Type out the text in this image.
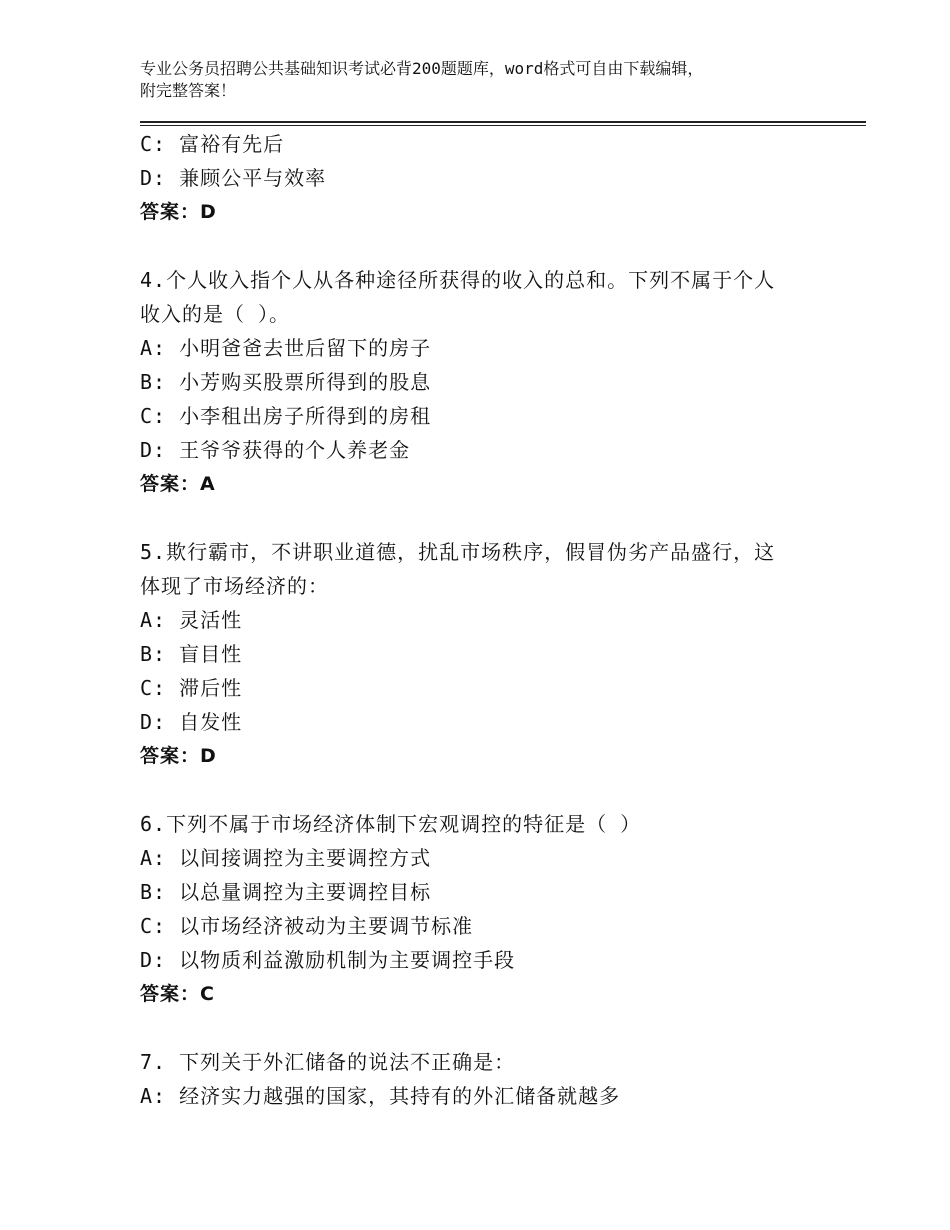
专业公务员招聘公共基础知识考试必背200题题库，word格式可自由下载编辑，
附完整答案！
C: 富裕有先后
D: 兼顾公平与效率
答案：D
4.个人收入指个人从各种途径所获得的收入的总和。下列不属于个人
收入的是（ ）。
A: 小明爸爸去世后留下的房子
B: 小芳购买股票所得到的股息
C: 小李租出房子所得到的房租
D: 王爷爷获得的个人养老金
答案：A
5.欺行霸市，不讲职业道德，扰乱市场秩序，假冒伪劣产品盛行，这
体现了市场经济的：
A: 灵活性
B: 盲目性
C: 滞后性
D: 自发性
答案：D
6.下列不属于市场经济体制下宏观调控的特征是（ ）
A: 以间接调控为主要调控方式
B: 以总量调控为主要调控目标
C: 以市场经济被动为主要调节标准
D: 以物质利益激励机制为主要调控手段
答案：C
7. 下列关于外汇储备的说法不正确是：
A: 经济实力越强的国家，其持有的外汇储备就越多
